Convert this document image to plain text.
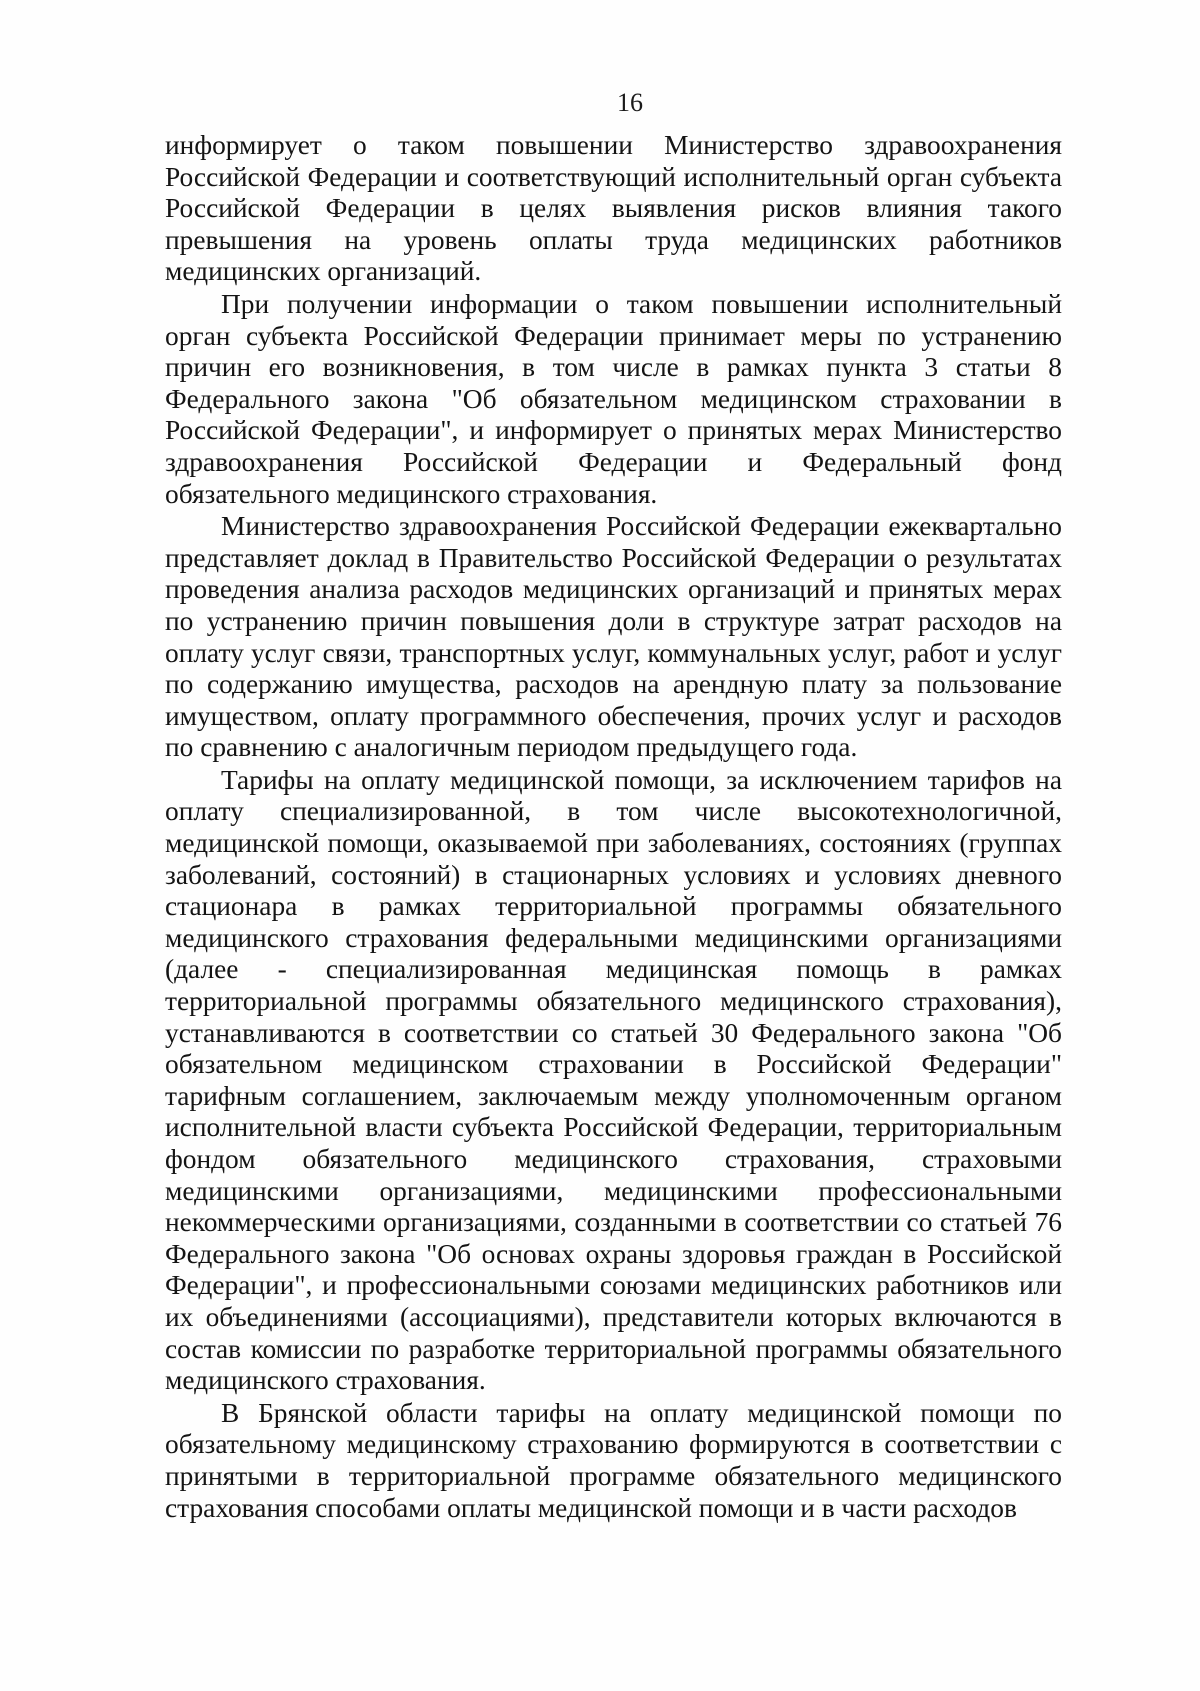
16

информирует о таком повышении Министерство здравоохранения Российской Федерации и соответствующий исполнительный орган субъекта Российской Федерации в целях выявления рисков влияния такого превышения на уровень оплаты труда медицинских работников медицинских организаций.

При получении информации о таком повышении исполнительный орган субъекта Российской Федерации принимает меры по устранению причин его возникновения, в том числе в рамках пункта 3 статьи 8 Федерального закона "Об обязательном медицинском страховании в Российской Федерации", и информирует о принятых мерах Министерство здравоохранения Российской Федерации и Федеральный фонд обязательного медицинского страхования.

Министерство здравоохранения Российской Федерации ежеквартально представляет доклад в Правительство Российской Федерации о результатах проведения анализа расходов медицинских организаций и принятых мерах по устранению причин повышения доли в структуре затрат расходов на оплату услуг связи, транспортных услуг, коммунальных услуг, работ и услуг по содержанию имущества, расходов на арендную плату за пользование имуществом, оплату программного обеспечения, прочих услуг и расходов по сравнению с аналогичным периодом предыдущего года.

Тарифы на оплату медицинской помощи, за исключением тарифов на оплату специализированной, в том числе высокотехнологичной, медицинской помощи, оказываемой при заболеваниях, состояниях (группах заболеваний, состояний) в стационарных условиях и условиях дневного стационара в рамках территориальной программы обязательного медицинского страхования федеральными медицинскими организациями (далее - специализированная медицинская помощь в рамках территориальной программы обязательного медицинского страхования), устанавливаются в соответствии со статьей 30 Федерального закона "Об обязательном медицинском страховании в Российской Федерации" тарифным соглашением, заключаемым между уполномоченным органом исполнительной власти субъекта Российской Федерации, территориальным фондом обязательного медицинского страхования, страховыми медицинскими организациями, медицинскими профессиональными некоммерческими организациями, созданными в соответствии со статьей 76 Федерального закона "Об основах охраны здоровья граждан в Российской Федерации", и профессиональными союзами медицинских работников или их объединениями (ассоциациями), представители которых включаются в состав комиссии по разработке территориальной программы обязательного медицинского страхования.

В Брянской области тарифы на оплату медицинской помощи по обязательному медицинскому страхованию формируются в соответствии с принятыми в территориальной программе обязательного медицинского страхования способами оплаты медицинской помощи и в части расходов
